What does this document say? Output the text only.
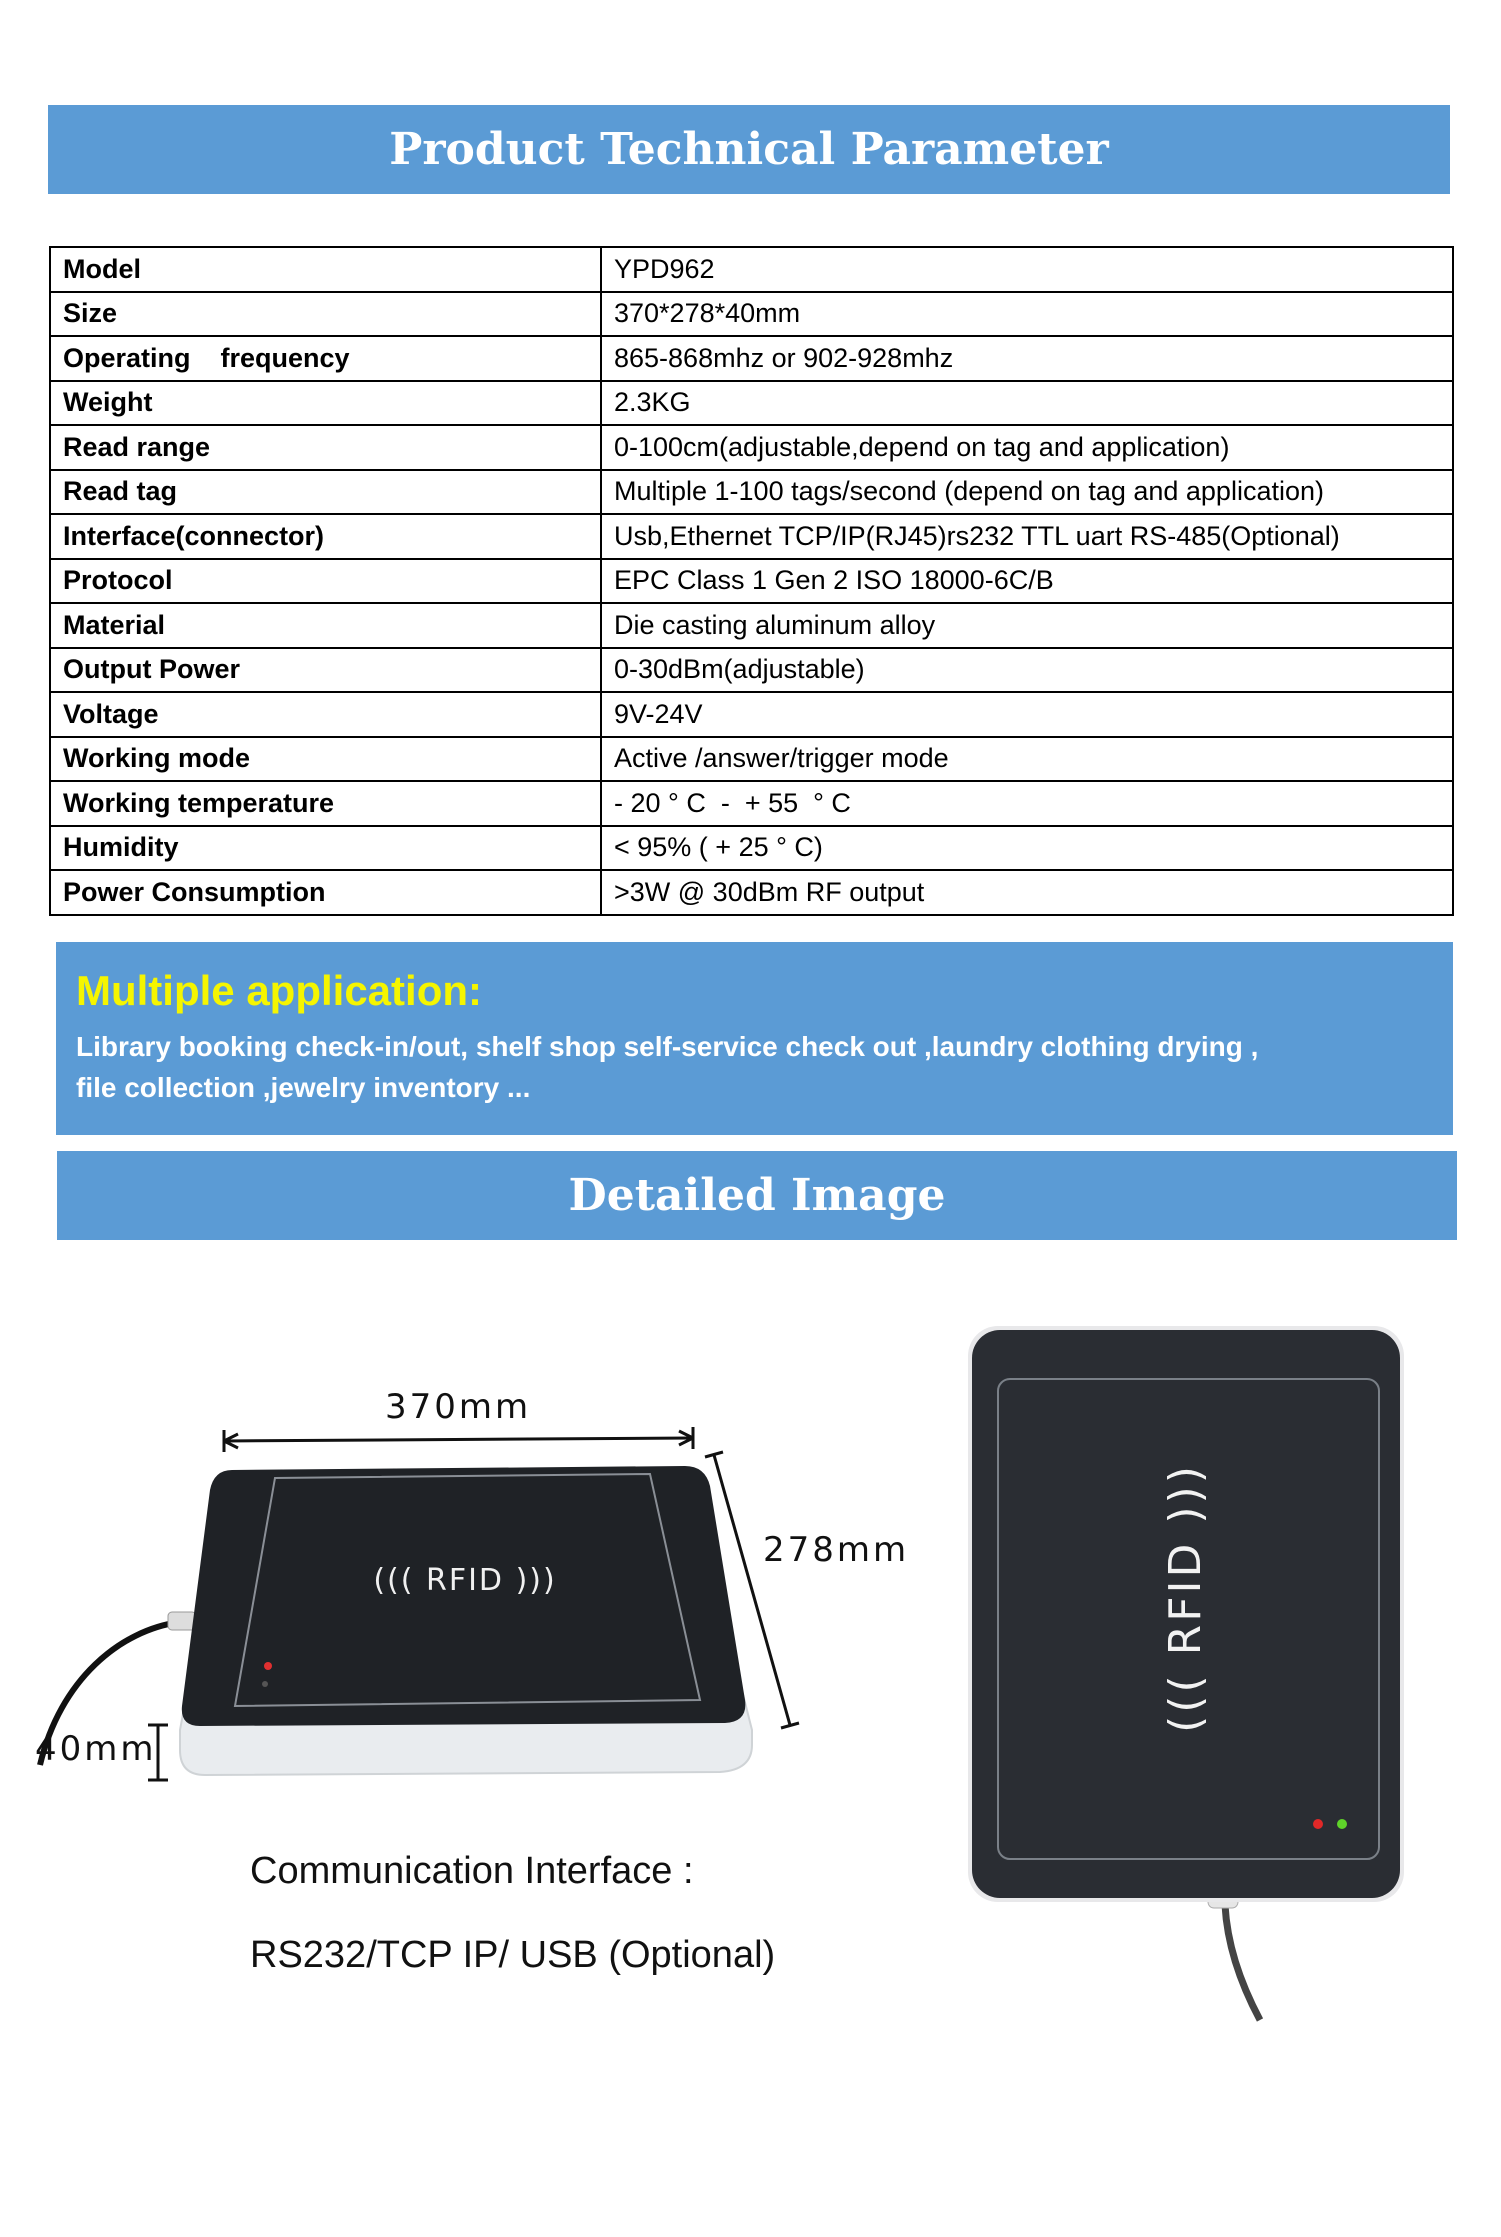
Product Technical Parameter
Model	YPD962
Size	370*278*40mm
Operating    frequency	865-868mhz or 902-928mhz
Weight	2.3KG
Read range	0-100cm(adjustable,depend on tag and application)
Read tag	Multiple 1-100 tags/second (depend on tag and application)
Interface(connector)	Usb,Ethernet TCP/IP(RJ45)rs232 TTL uart RS-485(Optional)
Protocol	EPC Class 1 Gen 2 ISO 18000-6C/B
Material	Die casting aluminum alloy
Output Power	0-30dBm(adjustable)
Voltage	9V-24V
Working mode	Active /answer/trigger mode
Working temperature	- 20 ° C  -  + 55  ° C
Humidity	< 95% ( + 25 ° C)
Power Consumption	>3W @ 30dBm RF output
Multiple application:
Library booking check-in/out, shelf shop self-service check out ,laundry clothing drying ,
file collection ,jewelry inventory ...
Detailed Image
((( RFID )))
((( RFID )))
370mm
278mm
40mm
Communication Interface :
RS232/TCP IP/ USB (Optional)
